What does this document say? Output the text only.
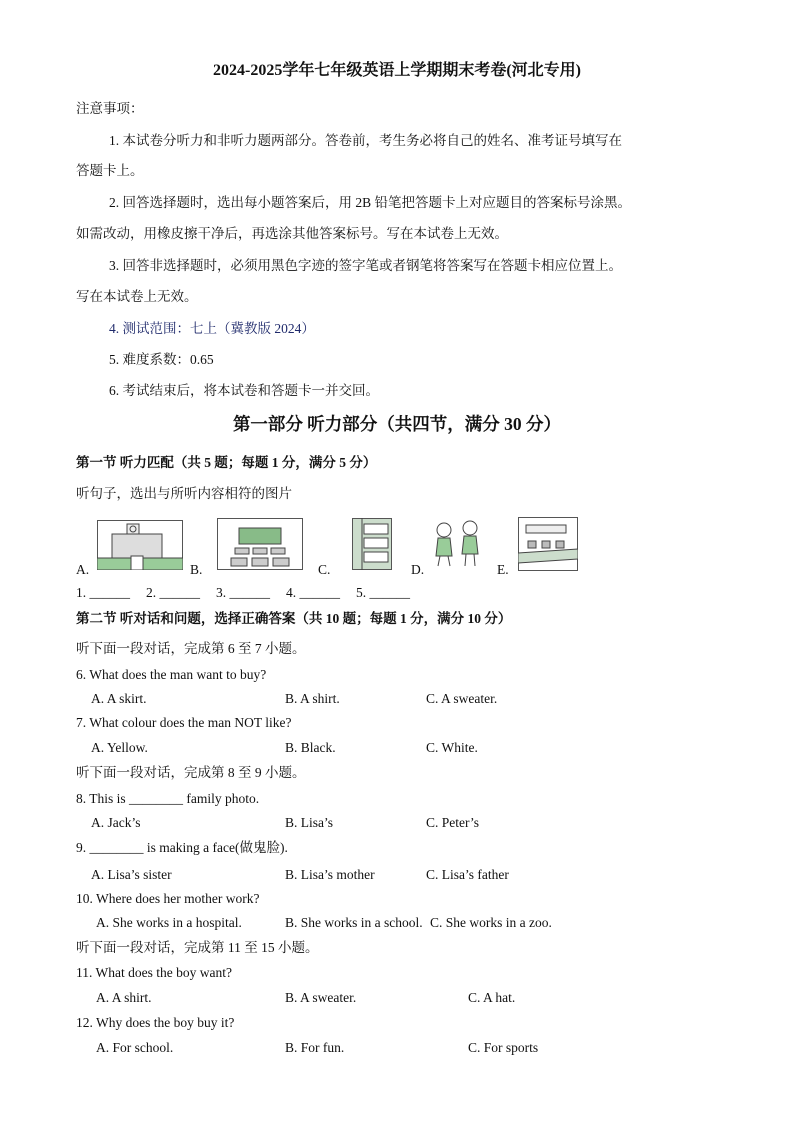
2024-2025学年七年级英语上学期期末考卷(河北专用)
注意事项：
1. 本试卷分听力和非听力题两部分。答卷前，考生务必将自己的姓名、准考证号填写在
答题卡上。
2. 回答选择题时，选出每小题答案后，用 2B 铅笔把答题卡上对应题目的答案标号涂黑。
如需改动，用橡皮擦干净后，再选涂其他答案标号。写在本试卷上无效。
3. 回答非选择题时，必须用黑色字迹的签字笔或者钢笔将答案写在答题卡相应位置上。
写在本试卷上无效。
4. 测试范围：七上（冀教版 2024）
5. 难度系数：0.65
6. 考试结束后，将本试卷和答题卡一并交回。
第一部分 听力部分（共四节，满分 30 分）
第一节 听力匹配（共 5 题；每题 1 分，满分 5 分）
听句子，选出与所听内容相符的图片
A.	B.	C.	D.	E.
1. ______ 2. ______ 3. ______ 4. ______ 5. ______
第二节 听对话和问题，选择正确答案（共 10 题；每题 1 分，满分 10 分）
听下面一段对话，完成第 6 至 7 小题。
6. What does the man want to buy?
A. A skirt.	B. A shirt.	C. A sweater.
7. What colour does the man NOT like?
A. Yellow.	B. Black.	C. White.
听下面一段对话，完成第 8 至 9 小题。
8. This is ________ family photo.
A. Jack’s	B. Lisa’s	C. Peter’s
9. ________ is making a face(做鬼脸).
A. Lisa’s sister	B. Lisa’s mother	C. Lisa’s father
10. Where does her mother work?
A. She works in a hospital.	B. She works in a school. C. She works in a zoo.
听下面一段对话，完成第 11 至 15 小题。
11. What does the boy want?
A. A shirt.	B. A sweater.	C. A hat.
12. Why does the boy buy it?
A. For school.	B. For fun.	C. For sports
